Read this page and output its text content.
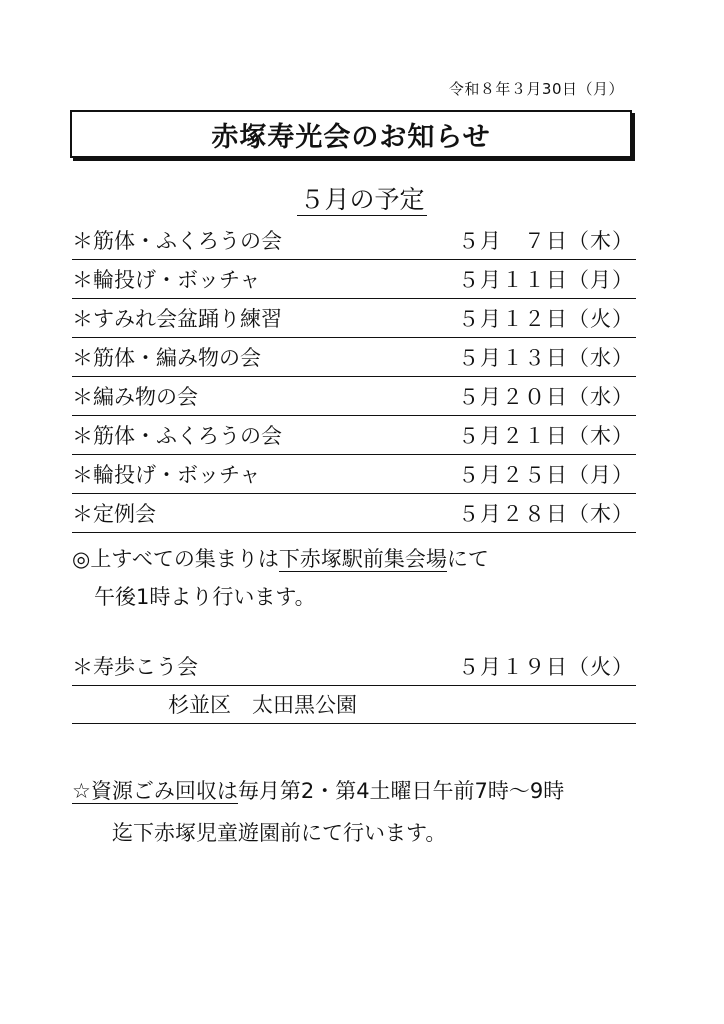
令和８年３月30日（月）
赤塚寿光会のお知らせ
５月の予定
＊筋体・ふくろうの会	５月　７日（木）
＊輪投げ・ボッチャ	５月１１日（月）
＊すみれ会盆踊り練習	５月１２日（火）
＊筋体・編み物の会	５月１３日（水）
＊編み物の会	５月２０日（水）
＊筋体・ふくろうの会	５月２１日（木）
＊輪投げ・ボッチャ	５月２５日（月）
＊定例会	５月２８日（木）
◎上すべての集まりは下赤塚駅前集会場にて
午後1時より行います。
＊寿歩こう会	５月１９日（火）
杉並区　太田黒公園
☆資源ごみ回収は毎月第2・第4土曜日午前7時〜9時
迄下赤塚児童遊園前にて行います。
